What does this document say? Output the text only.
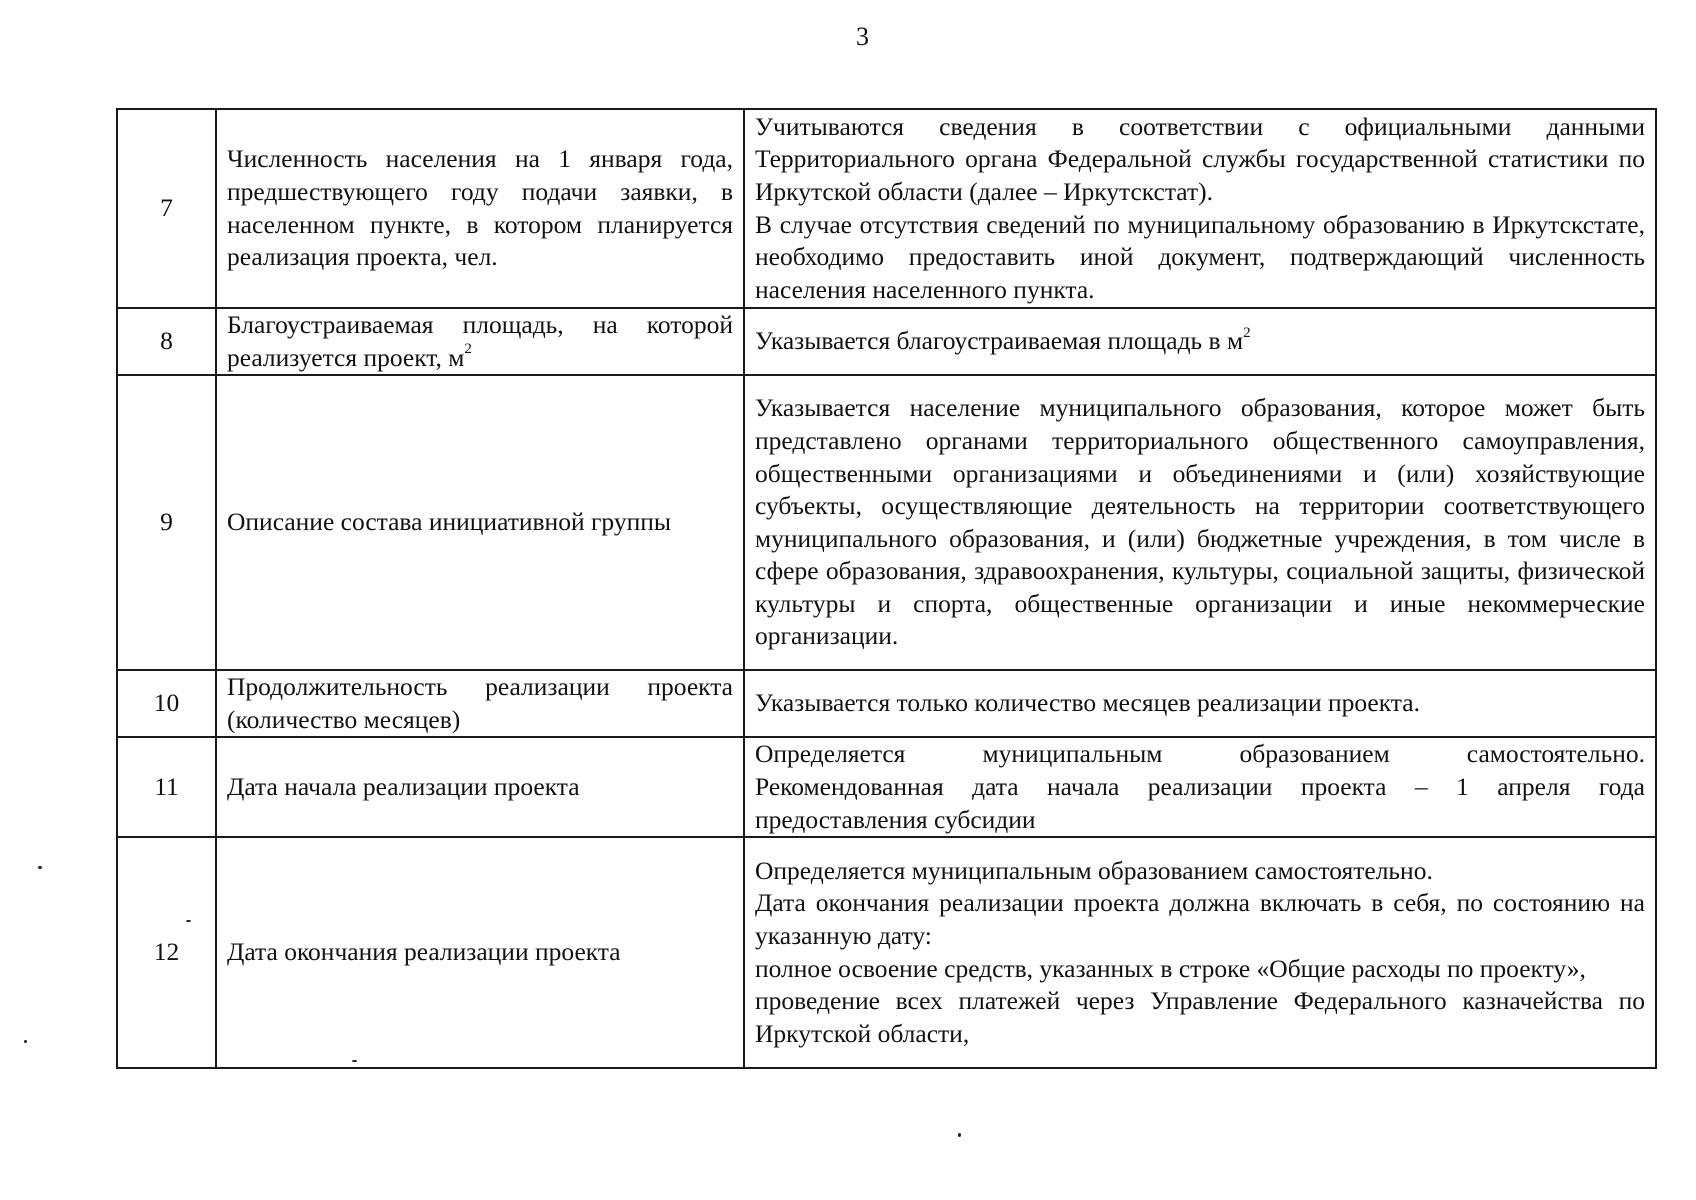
3
7	Численность населения на 1 января года, предшествующего году подачи заявки, в населенном пункте, в котором планируется реализация проекта, чел.	Учитываются сведения в соответствии с официальными данными Территориального органа Федеральной службы государственной статистики по Иркутской области (далее – Иркутскстат).

В случае отсутствия сведений по муниципальному образованию в Иркутскстате, необходимо предоставить иной документ, подтверждающий численность населения населенного пункта.

8	Благоустраиваемая площадь, на которой реализуется проект, $м^2$	Указывается благоустраиваемая площадь в $м^2$

9	Описание состава инициативной группы	Указывается население муниципального образования, которое может быть представлено органами территориального общественного самоуправления, общественными организациями и объединениями и (или) хозяйствующие субъекты, осуществляющие деятельность на территории соответствующего муниципального образования, и (или) бюджетные учреждения, в том числе в сфере образования, здравоохранения, культуры, социальной защиты, физической культуры и спорта, общественные организации и иные некоммерческие организации.

10	Продолжительность реализации проекта (количество месяцев)	Указывается только количество месяцев реализации проекта.

11	Дата начала реализации проекта	Определяется муниципальным образованием самостоятельно.

Рекомендованная дата начала реализации проекта – 1 апреля года предоставления субсидии

12	Дата окончания реализации проекта	Определяется муниципальным образованием самостоятельно.

Дата окончания реализации проекта должна включать в себя, по состоянию на указанную дату:

полное освоение средств, указанных в строке «Общие расходы по проекту»,

проведение всех платежей через Управление Федерального казначейства по Иркутской области,
